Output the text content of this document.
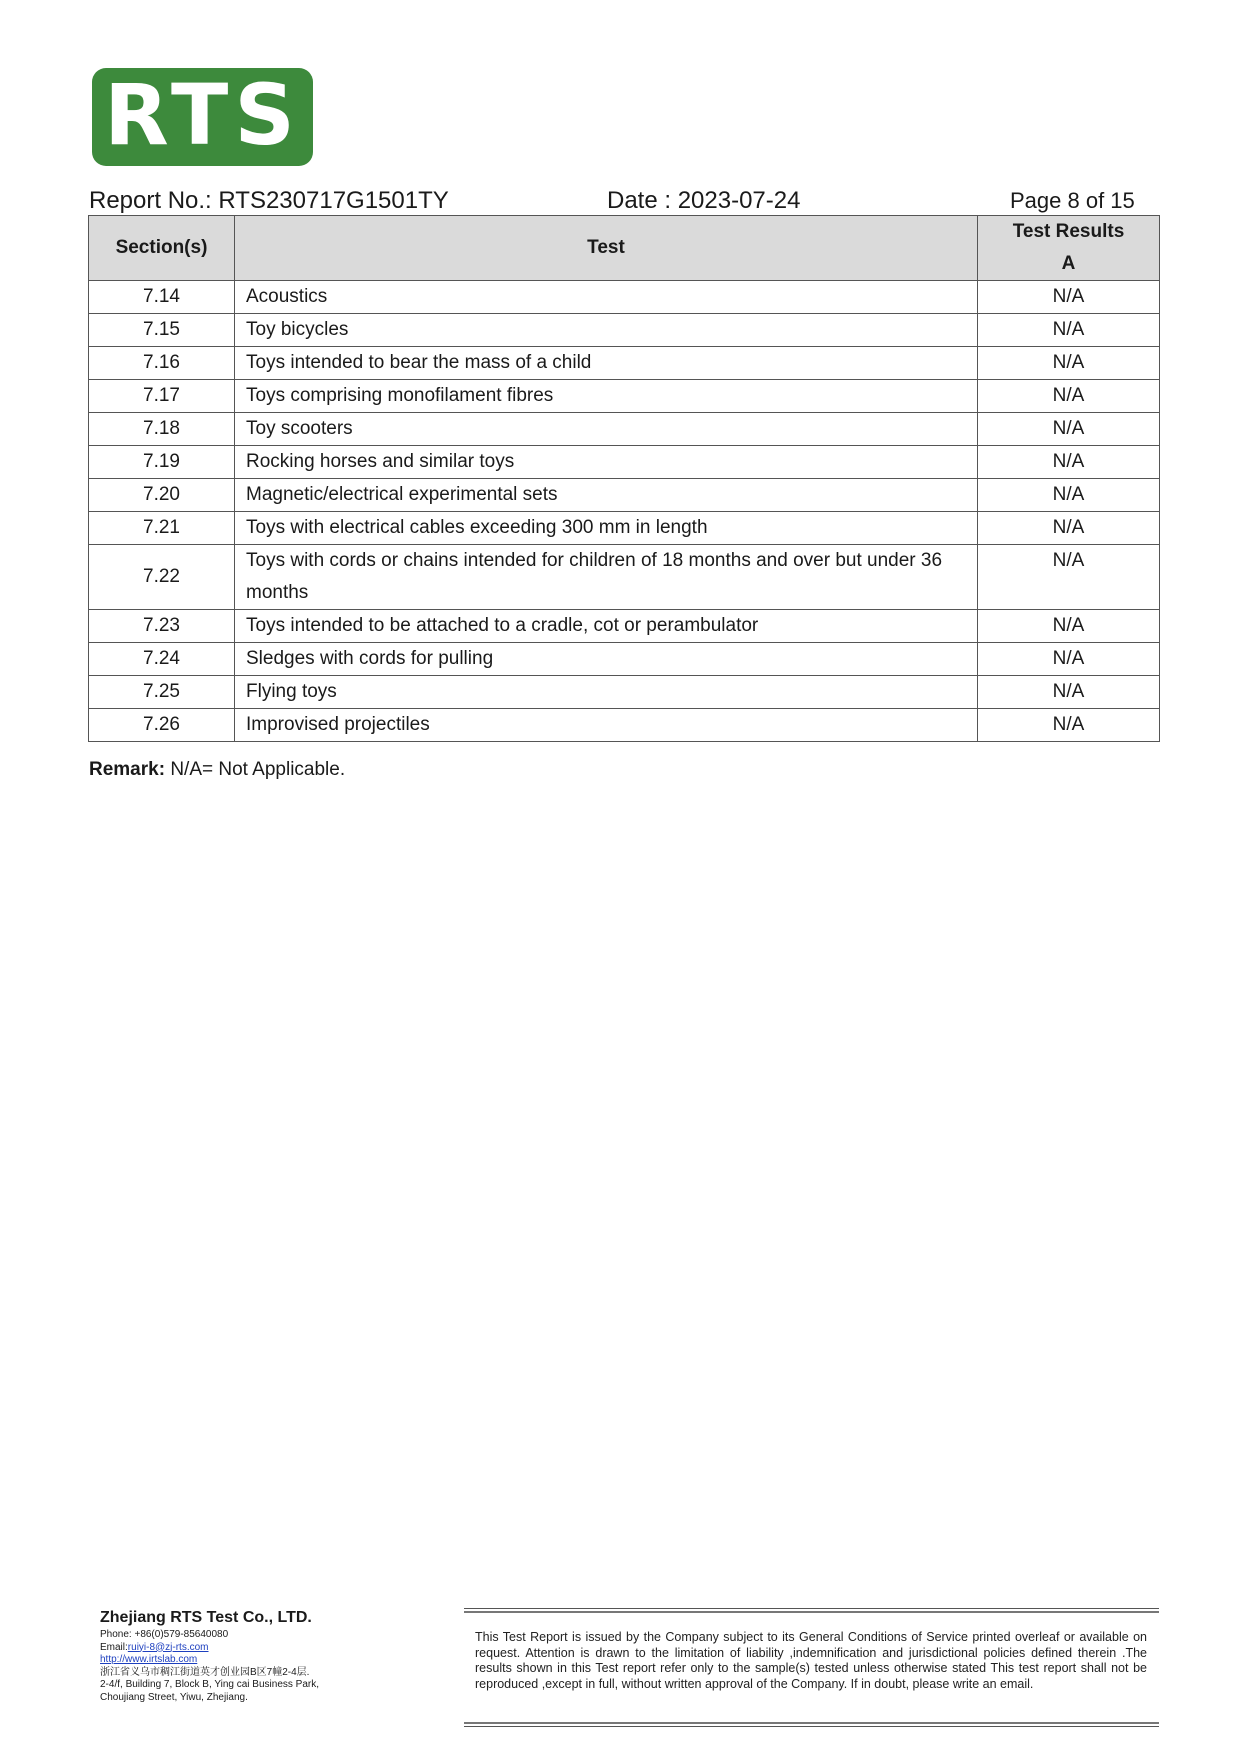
RTS
Report No.: RTS230717G1501TY	Date : 2023-07-24	Page 8 of 15
Section(s)	Test	Test Results
A

7.14	Acoustics	N/A
7.15	Toy bicycles	N/A
7.16	Toys intended to bear the mass of a child	N/A
7.17	Toys comprising monofilament fibres	N/A
7.18	Toy scooters	N/A
7.19	Rocking horses and similar toys	N/A
7.20	Magnetic/electrical experimental sets	N/A
7.21	Toys with electrical cables exceeding 300 mm in length	N/A
7.22	Toys with cords or chains intended for children of 18 months and over but under 36 months	N/A
7.23	Toys intended to be attached to a cradle, cot or perambulator	N/A
7.24	Sledges with cords for pulling	N/A
7.25	Flying toys	N/A
7.26	Improvised projectiles	N/A
Remark: N/A= Not Applicable.
Zhejiang RTS Test Co., LTD.
Phone: +86(0)579-85640080
Email:ruiyi-8@zj-rts.com
http://www.irtslab.com
浙江省义乌市稠江街道英才创业园B区7幢2-4层.
2-4/f, Building 7, Block B, Ying cai Business Park,
Choujiang Street, Yiwu, Zhejiang.
This Test Report is issued by the Company subject to its General Conditions of Service printed overleaf or available on request. Attention is drawn to the limitation of liability ,indemnification and jurisdictional policies defined therein .The results shown in this Test report refer only to the sample(s) tested unless otherwise stated This test report shall not be reproduced ,except in full, without written approval of the Company. If in doubt, please write an email.
